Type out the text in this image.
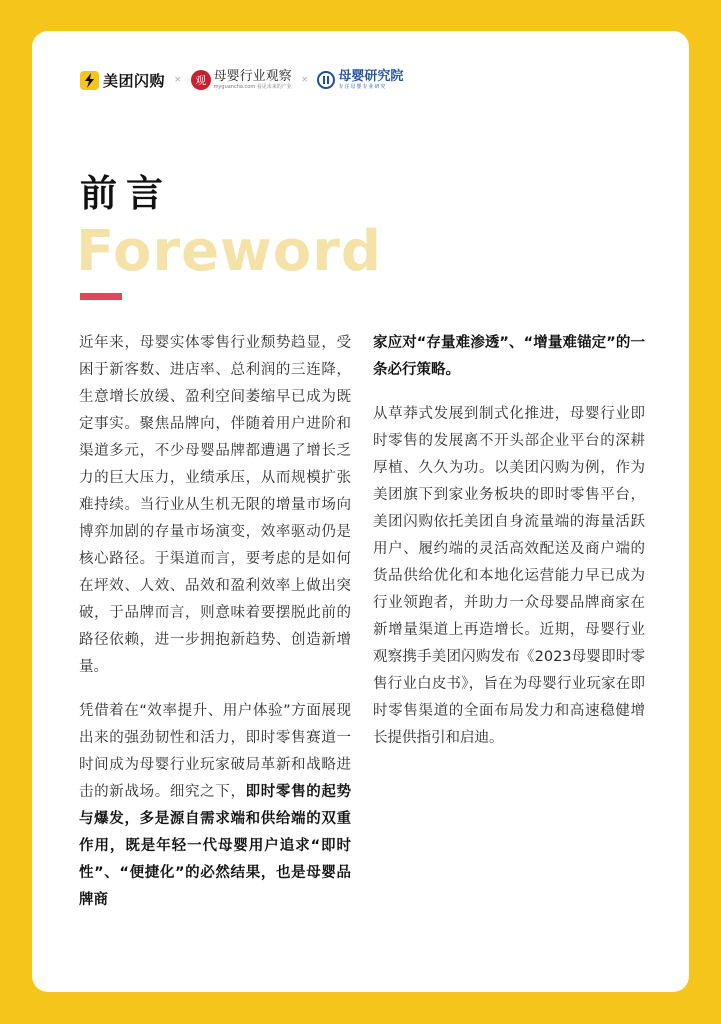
美团闪购 ×	观 母婴行业观察
myguancha.com 看见未来的产业
× 母婴研究院
专注母婴专业研究
前言
Foreword

近年来，母婴实体零售行业颓势趋显，受困于新客数、进店率、总利润的三连降，生意增长放缓、盈利空间萎缩早已成为既定事实。聚焦品牌向，伴随着用户进阶和渠道多元，不少母婴品牌都遭遇了增长乏力的巨大压力，业绩承压，从而规模扩张难持续。当行业从生机无限的增量市场向博弈加剧的存量市场演变，效率驱动仍是核心路径。于渠道而言，要考虑的是如何在坪效、人效、品效和盈利效率上做出突破，于品牌而言，则意味着要摆脱此前的路径依赖，进一步拥抱新趋势、创造新增量。

凭借着在“效率提升、用户体验”方面展现出来的强劲韧性和活力，即时零售赛道一时间成为母婴行业玩家破局革新和战略进击的新战场。细究之下，即时零售的起势与爆发，多是源自需求端和供给端的双重作用，既是年轻一代母婴用户追求“即时性”、“便捷化”的必然结果，也是母婴品牌商

家应对“存量难渗透”、“增量难锚定”的一条必行策略。

从草莽式发展到制式化推进，母婴行业即时零售的发展离不开头部企业平台的深耕厚植、久久为功。以美团闪购为例，作为美团旗下到家业务板块的即时零售平台，美团闪购依托美团自身流量端的海量活跃用户、履约端的灵活高效配送及商户端的货品供给优化和本地化运营能力早已成为行业领跑者，并助力一众母婴品牌商家在新增量渠道上再造增长。近期，母婴行业观察携手美团闪购发布《2023母婴即时零售行业白皮书》，旨在为母婴行业玩家在即时零售渠道的全面布局发力和高速稳健增长提供指引和启迪。
